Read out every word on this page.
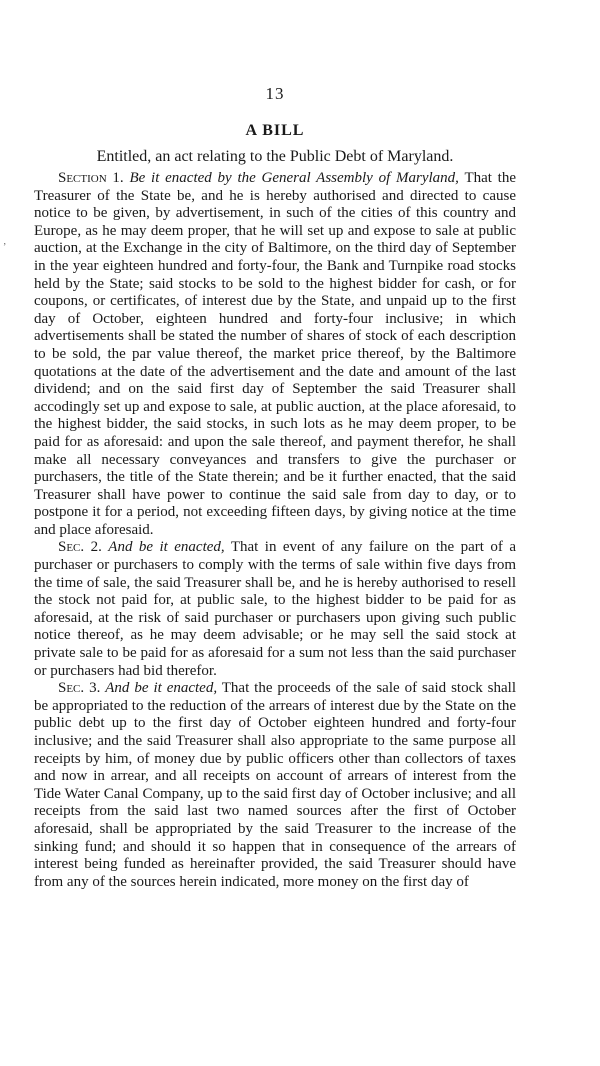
’
13
A BILL
Entitled, an act relating to the Public Debt of Maryland.

Section 1. Be it enacted by the General Assembly of Maryland, That the Treasurer of the State be, and he is hereby authorised and directed to cause notice to be given, by advertisement, in such of the cities of this country and Europe, as he may deem proper, that he will set up and expose to sale at public auction, at the Exchange in the city of Baltimore, on the third day of September in the year eighteen hundred and forty-four, the Bank and Turnpike road stocks held by the State; said stocks to be sold to the highest bidder for cash, or for coupons, or certificates, of interest due by the State, and unpaid up to the first day of October, eighteen hundred and forty-four inclusive; in which advertisements shall be stated the number of shares of stock of each description to be sold, the par value thereof, the market price thereof, by the Baltimore quotations at the date of the advertisement and the date and amount of the last dividend; and on the said first day of September the said Treasurer shall accodingly set up and expose to sale, at public auction, at the place aforesaid, to the highest bidder, the said stocks, in such lots as he may deem proper, to be paid for as aforesaid: and upon the sale thereof, and payment therefor, he shall make all necessary conveyances and transfers to give the purchaser or purchasers, the title of the State therein; and be it further enacted, that the said Treasurer shall have power to continue the said sale from day to day, or to postpone it for a period, not exceeding fifteen days, by giving notice at the time and place aforesaid.

Sec. 2. And be it enacted, That in event of any failure on the part of a purchaser or purchasers to comply with the terms of sale within five days from the time of sale, the said Treasurer shall be, and he is hereby authorised to resell the stock not paid for, at public sale, to the highest bidder to be paid for as aforesaid, at the risk of said purchaser or purchasers upon giving such public notice thereof, as he may deem advisable; or he may sell the said stock at private sale to be paid for as aforesaid for a sum not less than the said purchaser or purchasers had bid therefor.

Sec. 3. And be it enacted, That the proceeds of the sale of said stock shall be appropriated to the reduction of the arrears of interest due by the State on the public debt up to the first day of October eighteen hundred and forty-four inclusive; and the said Treasurer shall also appropriate to the same purpose all receipts by him, of money due by public officers other than collectors of taxes and now in arrear, and all receipts on account of arrears of interest from the Tide Water Canal Company, up to the said first day of October inclusive; and all receipts from the said last two named sources after the first of October aforesaid, shall be appropriated by the said Treasurer to the increase of the sinking fund; and should it so happen that in consequence of the arrears of interest being funded as hereinafter provided, the said Treasurer should have from any of the sources herein indicated, more money on the first day of
